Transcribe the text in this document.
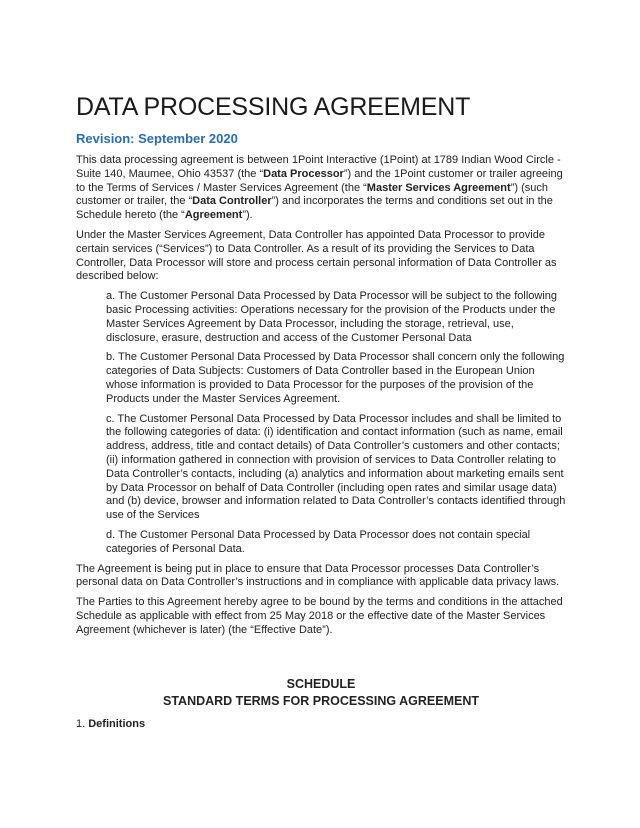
DATA PROCESSING AGREEMENT
Revision: September 2020

This data processing agreement is between 1Point Interactive (1Point) at 1789 Indian Wood Circle - Suite 140, Maumee, Ohio 43537 (the “Data Processor”) and the 1Point customer or trailer agreeing to the Terms of Services / Master Services Agreement (the “Master Services Agreement”) (such customer or trailer, the “Data Controller”) and incorporates the terms and conditions set out in the Schedule hereto (the “Agreement”).

Under the Master Services Agreement, Data Controller has appointed Data Processor to provide certain services (“Services”) to Data Controller. As a result of its providing the Services to Data Controller, Data Processor will store and process certain personal information of Data Controller as described below:

a. The Customer Personal Data Processed by Data Processor will be subject to the following basic Processing activities: Operations necessary for the provision of the Products under the Master Services Agreement by Data Processor, including the storage, retrieval, use, disclosure, erasure, destruction and access of the Customer Personal Data

b. The Customer Personal Data Processed by Data Processor shall concern only the following categories of Data Subjects: Customers of Data Controller based in the European Union whose information is provided to Data Processor for the purposes of the provision of the Products under the Master Services Agreement.

c. The Customer Personal Data Processed by Data Processor includes and shall be limited to the following categories of data: (i) identification and contact information (such as name, email address, address, title and contact details) of Data Controller’s customers and other contacts; (ii) information gathered in connection with provision of services to Data Controller relating to Data Controller’s contacts, including (a) analytics and information about marketing emails sent by Data Processor on behalf of Data Controller (including open rates and similar usage data) and (b) device, browser and information related to Data Controller’s contacts identified through use of the Services

d. The Customer Personal Data Processed by Data Processor does not contain special categories of Personal Data.

The Agreement is being put in place to ensure that Data Processor processes Data Controller’s personal data on Data Controller’s instructions and in compliance with applicable data privacy laws.

The Parties to this Agreement hereby agree to be bound by the terms and conditions in the attached Schedule as applicable with effect from 25 May 2018 or the effective date of the Master Services Agreement (whichever is later) (the “Effective Date”).

SCHEDULE

STANDARD TERMS FOR PROCESSING AGREEMENT

1. Definitions
